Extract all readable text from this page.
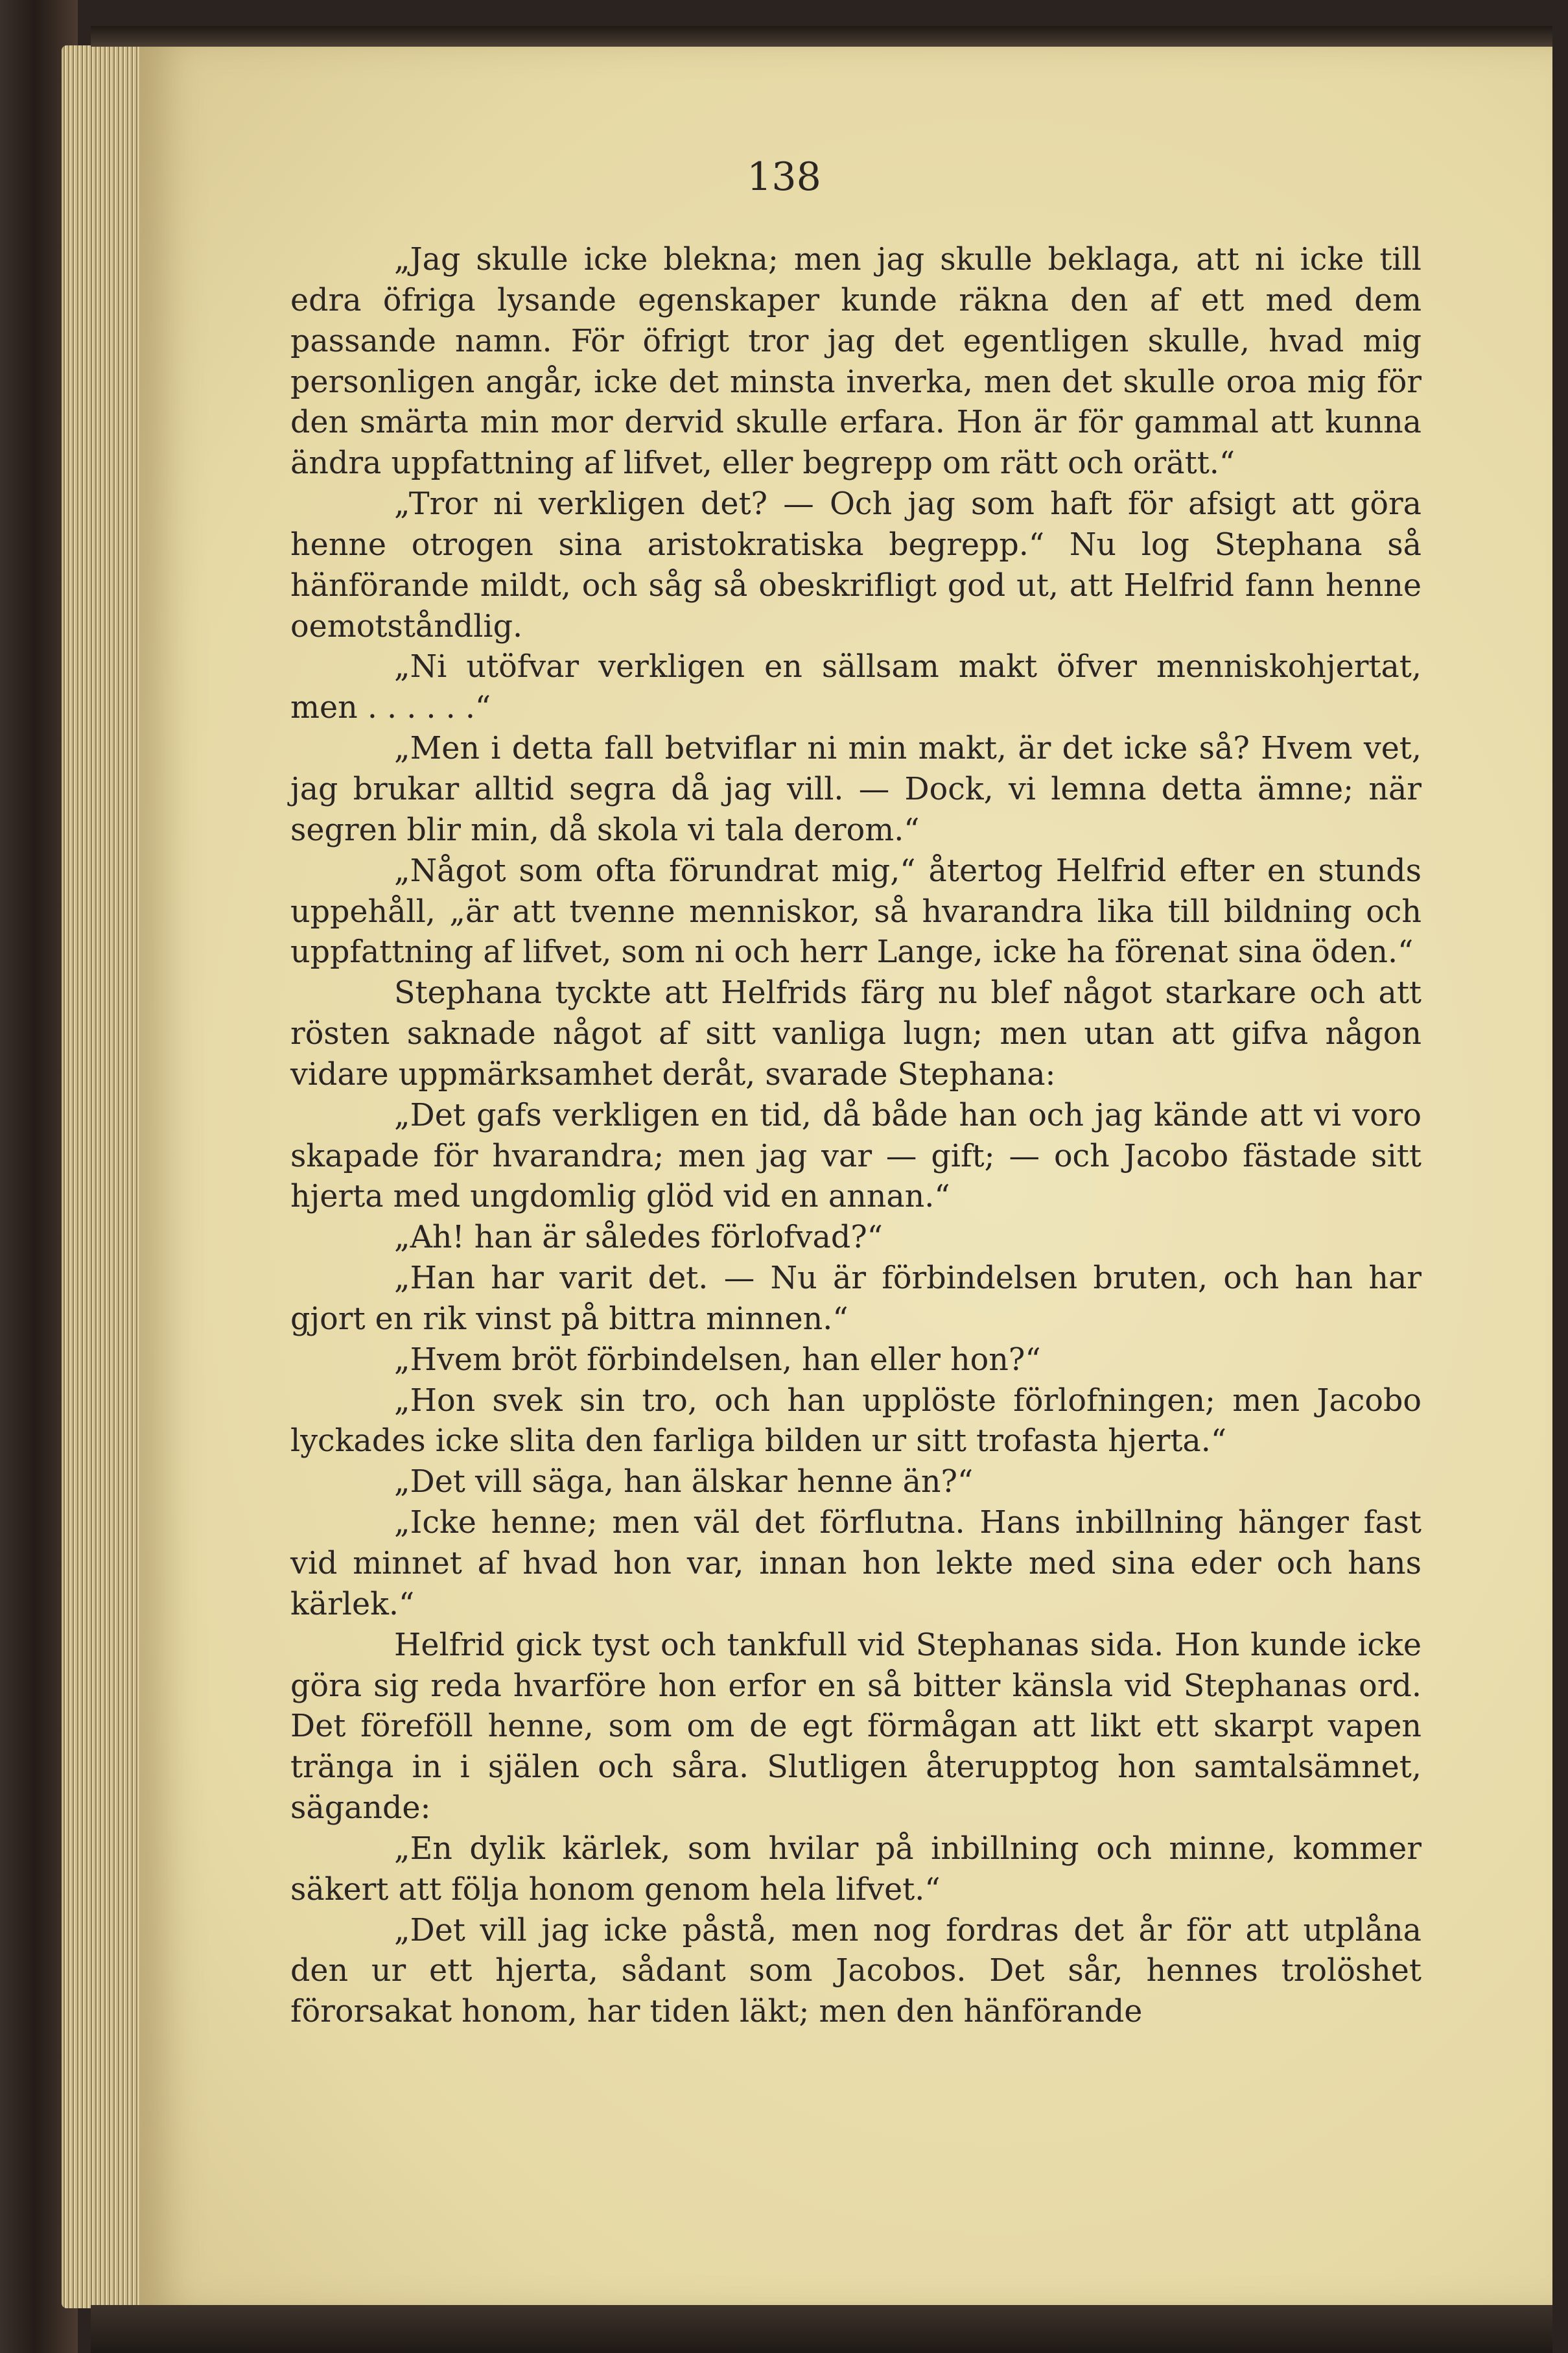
138

„Jag skulle icke blekna; men jag skulle beklaga, att ni icke till edra öfriga lysande egenskaper kunde räkna den af ett med dem passande namn. För öfrigt tror jag det egentligen skulle, hvad mig personligen angår, icke det minsta inverka, men det skulle oroa mig för den smärta min mor dervid skulle erfara. Hon är för gammal att kunna ändra uppfattning af lifvet, eller begrepp om rätt och orätt.“

„Tror ni verkligen det? — Och jag som haft för afsigt att göra henne otrogen sina aristokratiska begrepp.“ Nu log Stephana så hänförande mildt, och såg så obeskrifligt god ut, att Helfrid fann henne oemotståndlig.

„Ni utöfvar verkligen en sällsam makt öfver menniskohjertat, men . . . . . .“

„Men i detta fall betviflar ni min makt, är det icke så? Hvem vet, jag brukar alltid segra då jag vill. — Dock, vi lemna detta ämne; när segren blir min, då skola vi tala derom.“

„Något som ofta förundrat mig,“ återtog Helfrid efter en stunds uppehåll, „är att tvenne menniskor, så hvarandra lika till bildning och uppfattning af lifvet, som ni och herr Lange, icke ha förenat sina öden.“

Stephana tyckte att Helfrids färg nu blef något starkare och att rösten saknade något af sitt vanliga lugn; men utan att gifva någon vidare uppmärksamhet deråt, svarade Stephana:

„Det gafs verkligen en tid, då både han och jag kände att vi voro skapade för hvarandra; men jag var — gift; — och Jacobo fästade sitt hjerta med ungdomlig glöd vid en annan.“

„Ah! han är således förlofvad?“

„Han har varit det. — Nu är förbindelsen bruten, och han har gjort en rik vinst på bittra minnen.“

„Hvem bröt förbindelsen, han eller hon?“

„Hon svek sin tro, och han upplöste förlofningen; men Jacobo lyckades icke slita den farliga bilden ur sitt trofasta hjerta.“

„Det vill säga, han älskar henne än?“

„Icke henne; men väl det förflutna. Hans inbillning hänger fast vid minnet af hvad hon var, innan hon lekte med sina eder och hans kärlek.“

Helfrid gick tyst och tankfull vid Stephanas sida. Hon kunde icke göra sig reda hvarföre hon erfor en så bitter känsla vid Stephanas ord. Det föreföll henne, som om de egt förmågan att likt ett skarpt vapen tränga in i själen och såra. Slutligen återupptog hon samtalsämnet, sägande:

„En dylik kärlek, som hvilar på inbillning och minne, kommer säkert att följa honom genom hela lifvet.“

„Det vill jag icke påstå, men nog fordras det år för att utplåna den ur ett hjerta, sådant som Jacobos. Det sår, hennes trolöshet förorsakat honom, har tiden läkt; men den hänförande
